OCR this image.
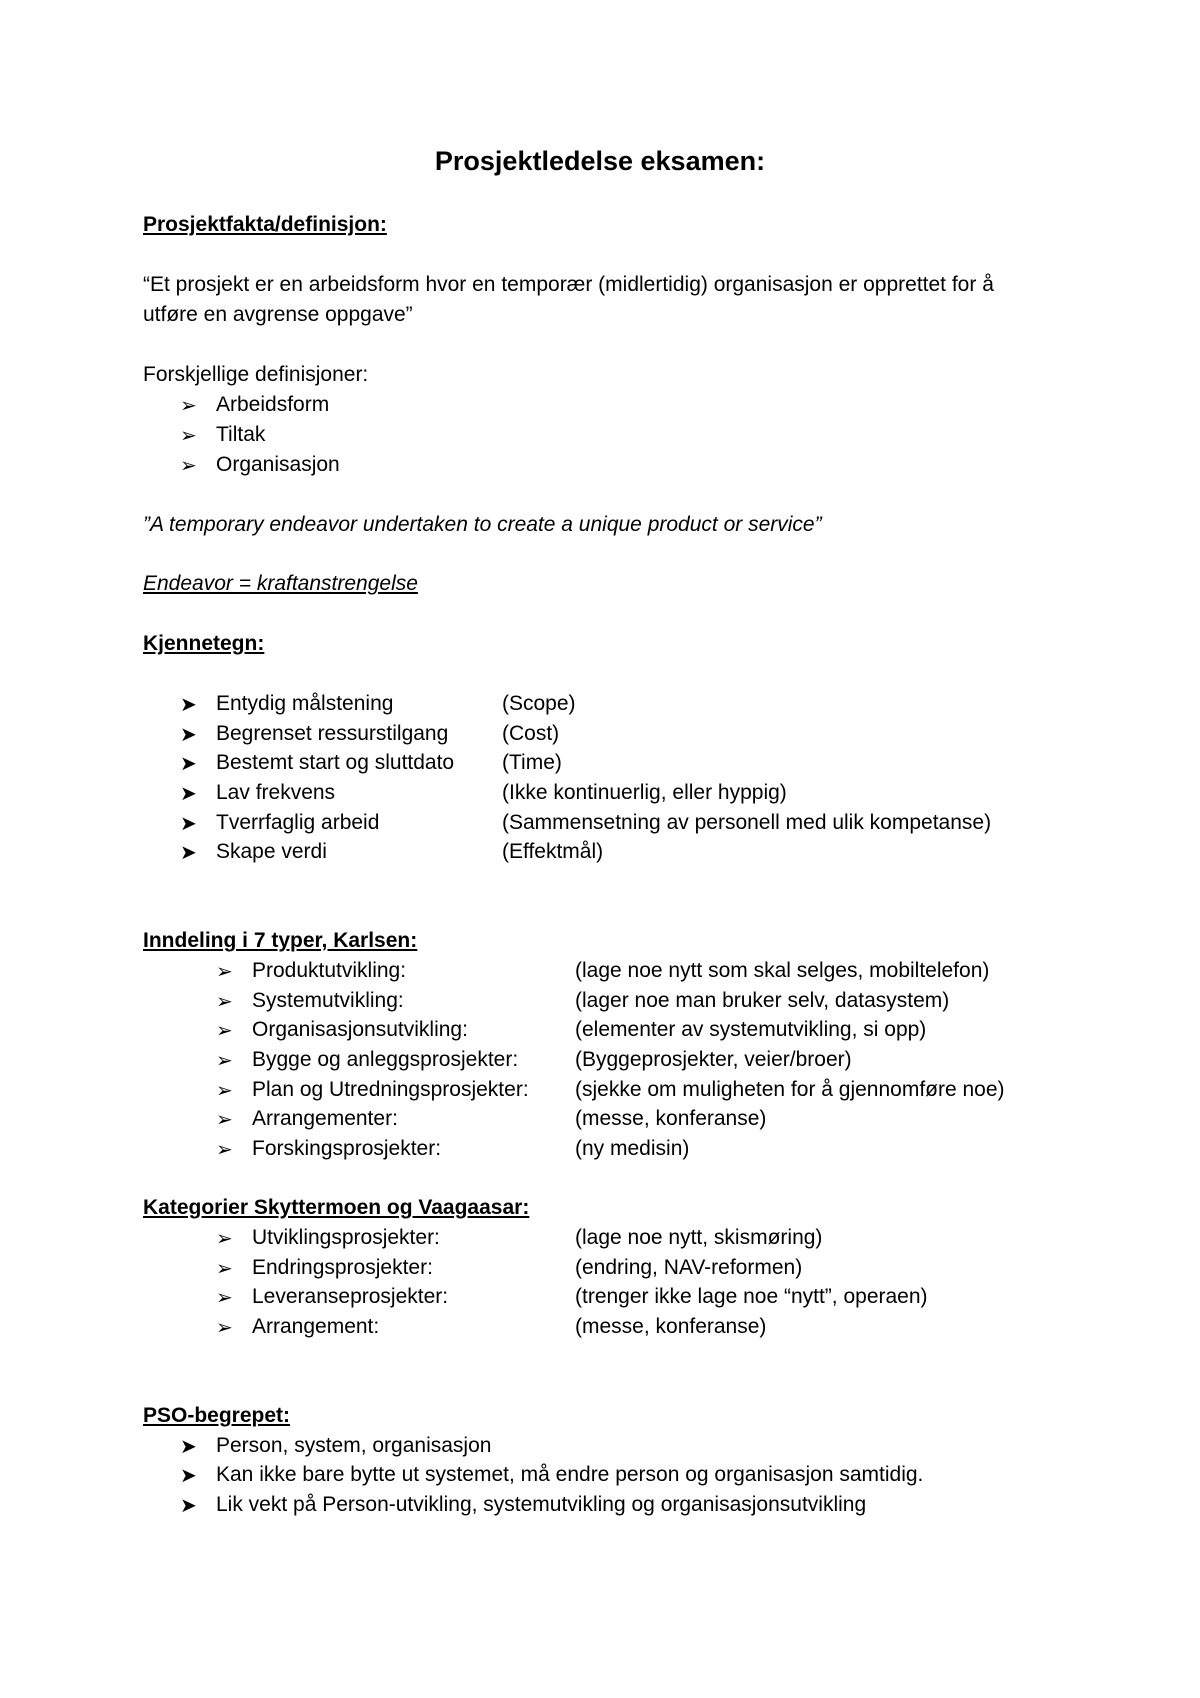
Prosjektledelse eksamen:

Prosjektfakta/definisjon:

“Et prosjekt er en arbeidsform hvor en temporær (midlertidig) organisasjon er opprettet for å

utføre en avgrense oppgave”

Forskjellige definisjoner:

➢ Arbeidsform
➢ Tiltak
➢ Organisasjon

”A temporary endeavor undertaken to create a unique product or service”

Endeavor = kraftanstrengelse

Kjennetegn:

➤ Entydig målstening	(Scope)
➤ Begrenset ressurstilgang	(Cost)
➤ Bestemt start og sluttdato (Time)
➤ Lav frekvens	(Ikke kontinuerlig, eller hyppig)
➤ Tverrfaglig arbeid	(Sammensetning av personell med ulik kompetanse)
➤ Skape verdi	(Effektmål)

Inndeling i 7 typer, Karlsen:

➢ Produktutvikling:	(lage noe nytt som skal selges, mobiltelefon)
➢ Systemutvikling:	(lager noe man bruker selv, datasystem)
➢ Organisasjonsutvikling:	(elementer av systemutvikling, si opp)
➢ Bygge og anleggsprosjekter:	(Byggeprosjekter, veier/broer)
➢ Plan og Utredningsprosjekter: (sjekke om muligheten for å gjennomføre noe)
➢ Arrangementer:	(messe, konferanse)
➢ Forskingsprosjekter:	(ny medisin)

Kategorier Skyttermoen og Vaagaasar:

➢ Utviklingsprosjekter:	(lage noe nytt, skismøring)
➢ Endringsprosjekter:	(endring, NAV-reformen)
➢ Leveranseprosjekter:	(trenger ikke lage noe “nytt”, operaen)
➢ Arrangement:	(messe, konferanse)

PSO-begrepet:

➤ Person, system, organisasjon
➤ Kan ikke bare bytte ut systemet, må endre person og organisasjon samtidig.
➤ Lik vekt på Person-utvikling, systemutvikling og organisasjonsutvikling
